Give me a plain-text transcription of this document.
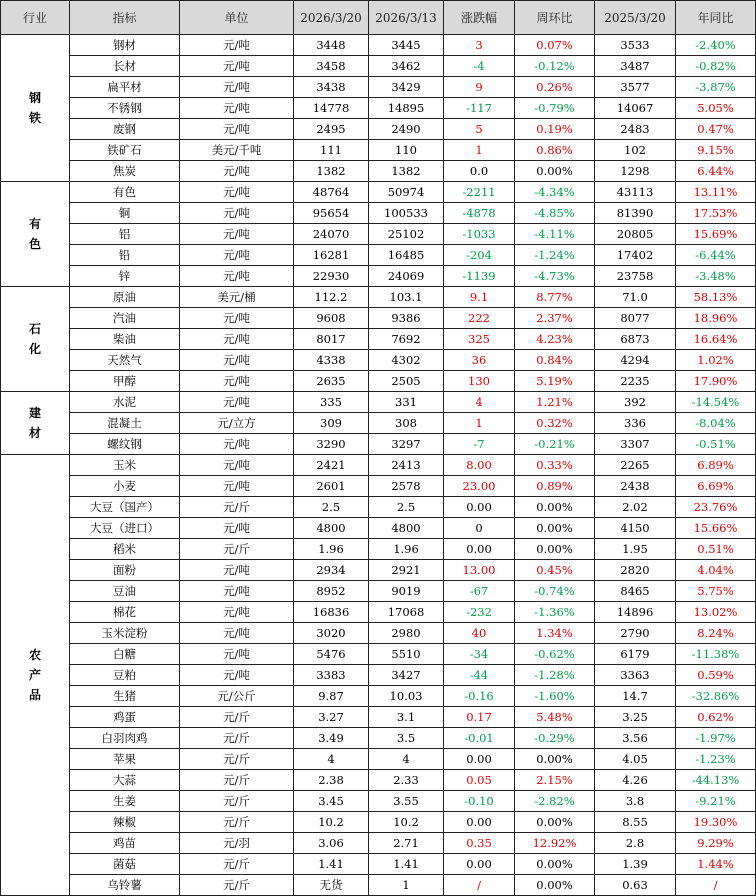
行业	指标	单位	2026/3/20	2026/3/13	涨跌幅	周环比	2025/3/20	年同比
钢铁	钢材	元/吨	3448	3445	3	0.07%	3533	-2.40%
	长材	元/吨	3458	3462	-4	-0.12%	3487	-0.82%
	扁平材	元/吨	3438	3429	9	0.26%	3577	-3.87%
	不锈钢	元/吨	14778	14895	-117	-0.79%	14067	5.05%
	废钢	元/吨	2495	2490	5	0.19%	2483	0.47%
	铁矿石	美元/千吨	111	110	1	0.86%	102	9.15%
	焦炭	元/吨	1382	1382	0.0	0.00%	1298	6.44%
有色	有色	元/吨	48764	50974	-2211	-4.34%	43113	13.11%
	铜	元/吨	95654	100533	-4878	-4.85%	81390	17.53%
	铝	元/吨	24070	25102	-1033	-4.11%	20805	15.69%
	铅	元/吨	16281	16485	-204	-1.24%	17402	-6.44%
	锌	元/吨	22930	24069	-1139	-4.73%	23758	-3.48%
石化	原油	美元/桶	112.2	103.1	9.1	8.77%	71.0	58.13%
	汽油	元/吨	9608	9386	222	2.37%	8077	18.96%
	柴油	元/吨	8017	7692	325	4.23%	6873	16.64%
	天然气	元/吨	4338	4302	36	0.84%	4294	1.02%
	甲醇	元/吨	2635	2505	130	5.19%	2235	17.90%
建材	水泥	元/吨	335	331	4	1.21%	392	-14.54%
	混凝土	元/立方	309	308	1	0.32%	336	-8.04%
	螺纹钢	元/吨	3290	3297	-7	-0.21%	3307	-0.51%
农产品	玉米	元/吨	2421	2413	8.00	0.33%	2265	6.89%
	小麦	元/吨	2601	2578	23.00	0.89%	2438	6.69%
	大豆（国产）	元/斤	2.5	2.5	0.00	0.00%	2.02	23.76%
	大豆（进口）	元/吨	4800	4800	0	0.00%	4150	15.66%
	稻米	元/斤	1.96	1.96	0.00	0.00%	1.95	0.51%
	面粉	元/吨	2934	2921	13.00	0.45%	2820	4.04%
	豆油	元/吨	8952	9019	-67	-0.74%	8465	5.75%
	棉花	元/吨	16836	17068	-232	-1.36%	14896	13.02%
	玉米淀粉	元/吨	3020	2980	40	1.34%	2790	8.24%
	白糖	元/吨	5476	5510	-34	-0.62%	6179	-11.38%
	豆粕	元/吨	3383	3427	-44	-1.28%	3363	0.59%
	生猪	元/公斤	9.87	10.03	-0.16	-1.60%	14.7	-32.86%
	鸡蛋	元/斤	3.27	3.1	0.17	5.48%	3.25	0.62%
	白羽肉鸡	元/斤	3.49	3.5	-0.01	-0.29%	3.56	-1.97%
	苹果	元/斤	4	4	0.00	0.00%	4.05	-1.23%
	大蒜	元/斤	2.38	2.33	0.05	2.15%	4.26	-44.13%
	生姜	元/斤	3.45	3.55	-0.10	-2.82%	3.8	-9.21%
	辣椒	元/斤	10.2	10.2	0.00	0.00%	8.55	19.30%
	鸡苗	元/羽	3.06	2.71	0.35	12.92%	2.8	9.29%
	菌菇	元/斤	1.41	1.41	0.00	0.00%	1.39	1.44%
	乌铃薯	元/斤	无货	1	/	0.00%	0.63	/
